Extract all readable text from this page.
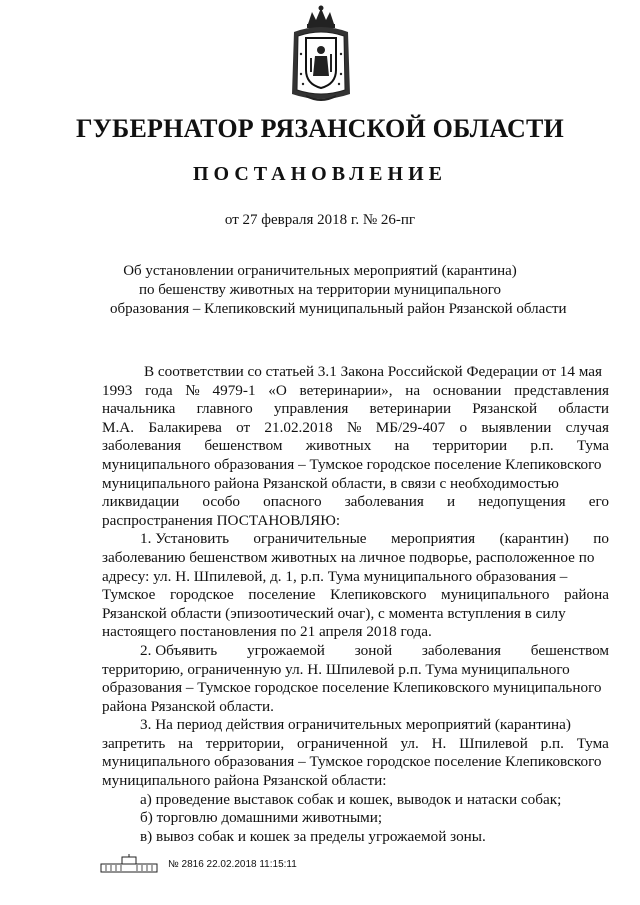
ГУБЕРНАТОР РЯЗАНСКОЙ ОБЛАСТИ
ПОСТАНОВЛЕНИЕ
от 27 февраля 2018 г. № 26-пг
Об установлении ограничительных мероприятий (карантина)
по бешенству животных на территории муниципального
образования – Клепиковский муниципальный район Рязанской области
В соответствии со статьей 3.1 Закона Российской Федерации от 14 мая
1993 года № 4979-1 «О ветеринарии», на основании представления
начальника главного управления ветеринарии Рязанской области
М.А. Балакирева от 21.02.2018 № МБ/29-407 о выявлении случая
заболевания бешенством животных на территории р.п. Тума
муниципального образования – Тумское городское поселение Клепиковского
муниципального района Рязанской области, в связи с необходимостью
ликвидации особо опасного заболевания и недопущения его
распространения ПОСТАНОВЛЯЮ:
1. Установить ограничительные мероприятия (карантин) по
заболеванию бешенством животных на личное подворье, расположенное по
адресу: ул. Н. Шпилевой, д. 1, р.п. Тума муниципального образования –
Тумское городское поселение Клепиковского муниципального района
Рязанской области (эпизоотический очаг), с момента вступления в силу
настоящего постановления по 21 апреля 2018 года.
2. Объявить угрожаемой зоной заболевания бешенством
территорию, ограниченную ул. Н. Шпилевой р.п. Тума муниципального
образования – Тумское городское поселение Клепиковского муниципального
района Рязанской области.
3. На период действия ограничительных мероприятий (карантина)
запретить на территории, ограниченной ул. Н. Шпилевой р.п. Тума
муниципального образования – Тумское городское поселение Клепиковского
муниципального района Рязанской области:
а) проведение выставок собак и кошек, выводок и натаски собак;
б) торговлю домашними животными;
в) вывоз собак и кошек за пределы угрожаемой зоны.
№ 2816 22.02.2018 11:15:11
